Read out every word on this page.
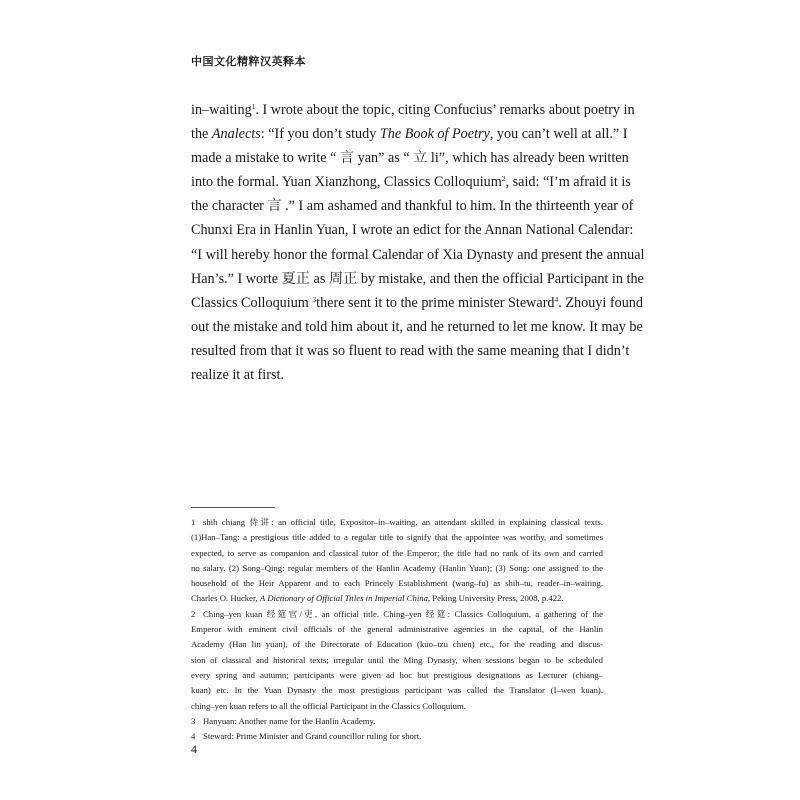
中国文化精粹汉英释本
in–waiting$^1$. I wrote about the topic, citing Confucius’ remarks about poetry in
the Analects: “If you don’t study The Book of Poetry, you can’t well at all.” I
made a mistake to write “ 言 yan” as “ 立 li”, which has already been written
into the formal. Yuan Xianzhong, Classics Colloquium$^2$, said: “I’m afraid it is
the character 言 .” I am ashamed and thankful to him. In the thirteenth year of
Chunxi Era in Hanlin Yuan, I wrote an edict for the Annan National Calendar:
“I will hereby honor the formal Calendar of Xia Dynasty and present the annual
Han’s.” I worte 夏正 as 周正 by mistake, and then the official Participant in the
Classics Colloquium $^3$there sent it to the prime minister Steward$^4$. Zhouyi found
out the mistake and told him about it, and he returned to let me know. It may be
resulted from that it was so fluent to read with the same meaning that I didn’t
realize it at first.
1 shih chiang 侍讲: an official title, Expositor–in–waiting, an attendant skilled in explaining classical texts.
(1)Han–Tang: a prestigious title added to a regular title to signify that the appointee was worthy, and sometimes
expected, to serve as companion and classical tutor of the Emperor; the title had no rank of its own and carried
no salary. (2) Song–Qing: regular members of the Hanlin Academy (Hanlin Yuan); (3) Song: one assigned to the
household of the Heir Apparent and to each Princely Establishment (wang–fu) as shih–tu, reader–in–waiting.
Charles O. Hucker, A Dictionary of Official Titles in Imperial China, Peking University Press, 2008, p.422.
2 Ching–yen kuan 经筵官/吏, an official title. Ching–yen 经筵: Classics Colloquium, a gathering of the
Emperor with eminent civil officials of the general administrative agencies in the capital, of the Hanlin
Academy (Han lin yuan), of the Directorate of Education (kuo–tzu chien) etc., for the reading and discus-
sion of classical and historical texts; irregular until the Ming Dynasty, when sessions began to be scheduled
every spring and autumn; participants were given ad hoc but prestigious designations as Lecturer (chiang–
kuan) etc. In the Yuan Dynasty the most prestigious participant was called the Translator (I–wen kuan).
ching–yen kuan refers to all the official Participant in the Classics Colloquium.
3 Hanyuan: Another name for the Hanlin Academy.
4 Steward: Prime Minister and Grand councillor ruling for short.
4
